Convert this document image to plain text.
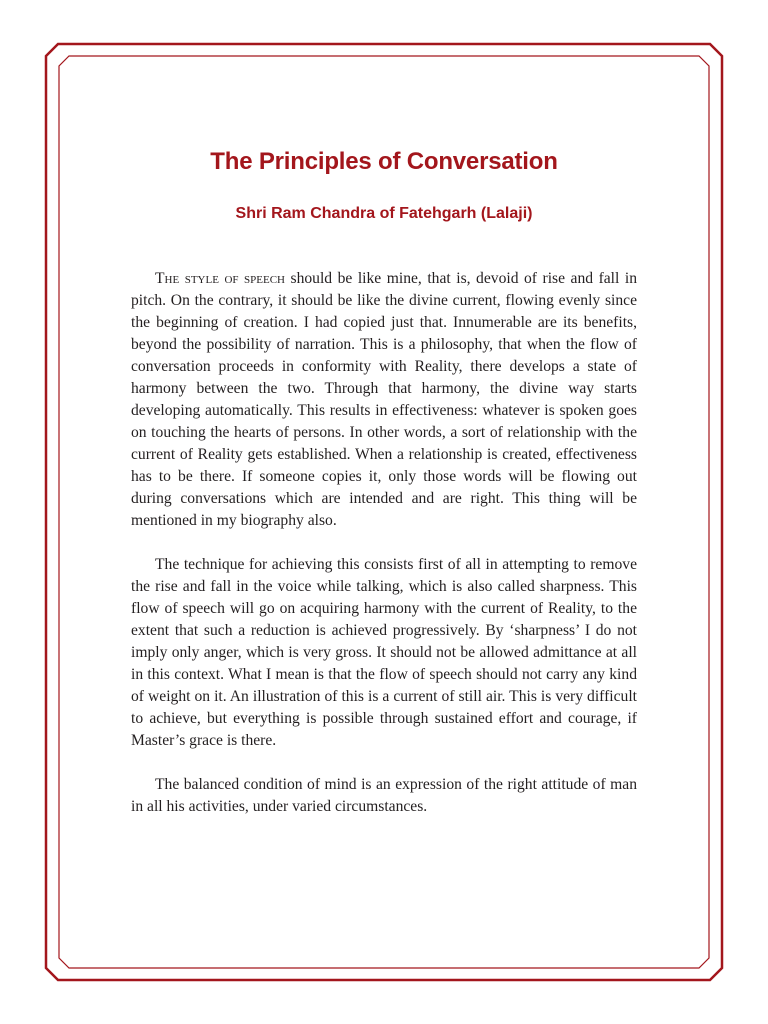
The Principles of Conversation
Shri Ram Chandra of Fatehgarh (Lalaji)

The style of speech should be like mine, that is, devoid of rise and fall in pitch. On the contrary, it should be like the divine current, flowing evenly since the beginning of creation. I had copied just that. Innumerable are its benefits, beyond the possibility of narration. This is a philosophy, that when the flow of conversation proceeds in conformity with Reality, there develops a state of harmony between the two. Through that harmony, the divine way starts developing automatically. This results in effectiveness: whatever is spoken goes on touching the hearts of persons. In other words, a sort of relationship with the current of Reality gets established. When a relationship is created, effectiveness has to be there. If someone copies it, only those words will be flowing out during conversations which are intended and are right. This thing will be mentioned in my biography also.

The technique for achieving this consists first of all in attempting to remove the rise and fall in the voice while talking, which is also called sharpness. This flow of speech will go on acquiring harmony with the current of Reality, to the extent that such a reduction is achieved progressively. By ‘sharpness’ I do not imply only anger, which is very gross. It should not be allowed admittance at all in this context. What I mean is that the flow of speech should not carry any kind of weight on it. An illustration of this is a current of still air. This is very difficult to achieve, but everything is possible through sustained effort and courage, if Master’s grace is there.

The balanced condition of mind is an expression of the right attitude of man in all his activities, under varied circumstances.
